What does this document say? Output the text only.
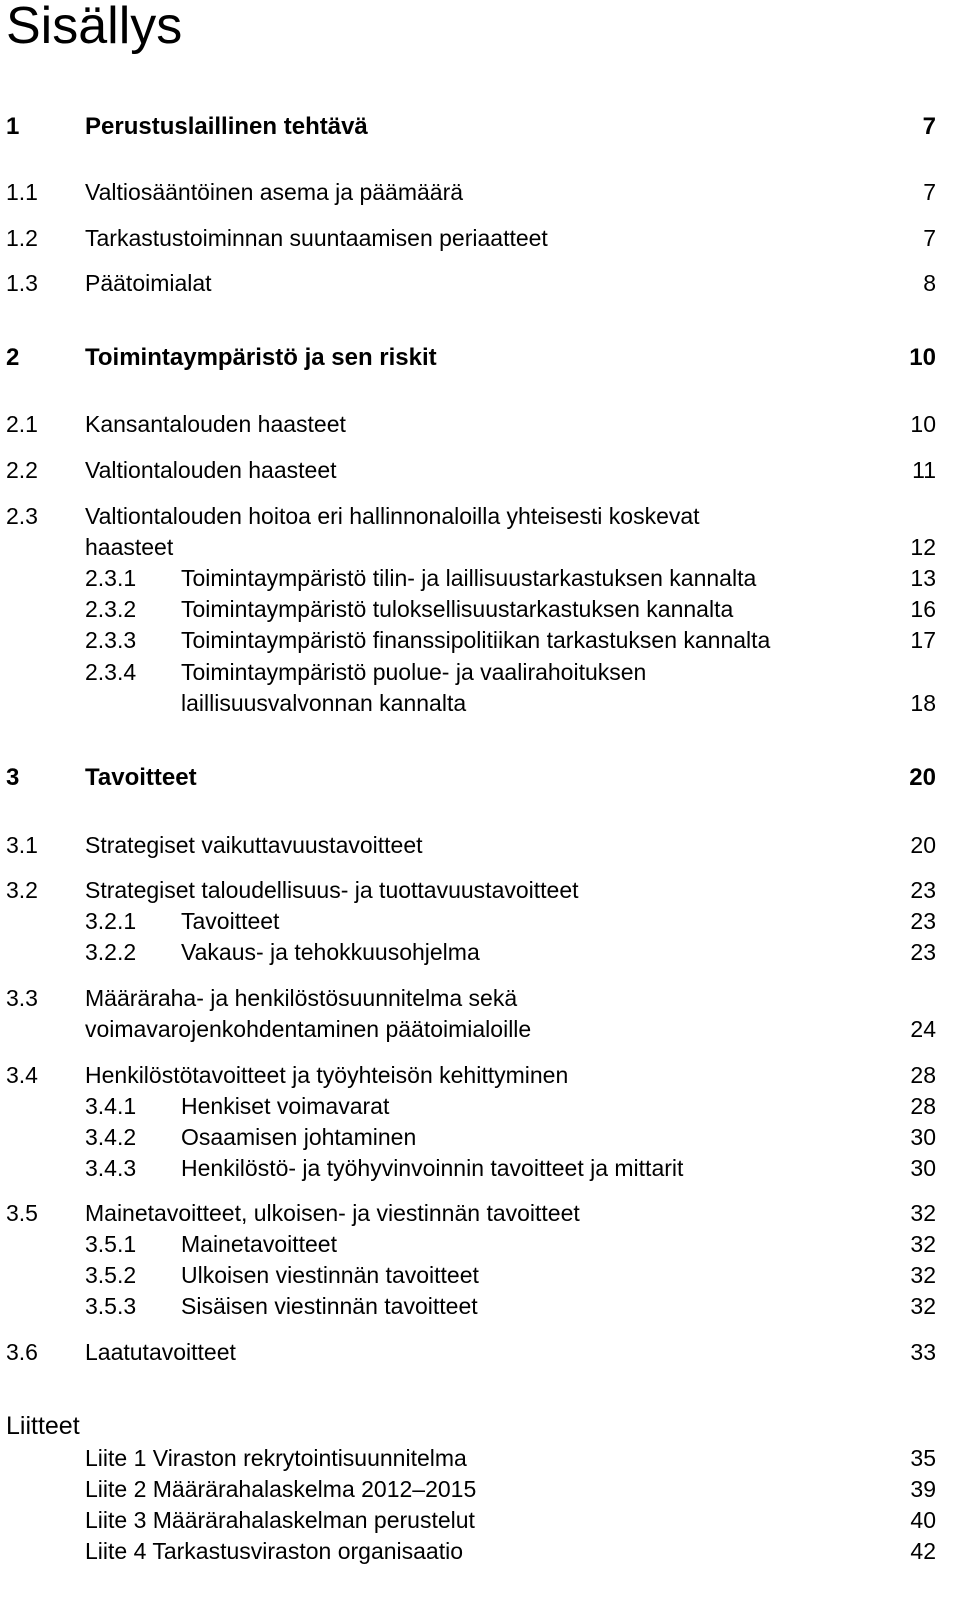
Sisällys
1	Perustuslaillinen tehtävä	7
1.1 Valtiosääntöinen asema ja päämäärä	7
1.2 Tarkastustoiminnan suuntaamisen periaatteet	7
1.3 Päätoimialat	8
2	Toimintaympäristö ja sen riskit	10
2.1 Kansantalouden haasteet	10
2.2 Valtiontalouden haasteet	11
2.3 Valtiontalouden hoitoa eri hallinnonaloilla yhteisesti koskevat
haasteet	12
2.3.1 Toimintaympäristö tilin- ja laillisuustarkastuksen kannalta	13
2.3.2 Toimintaympäristö tuloksellisuustarkastuksen kannalta	16
2.3.3 Toimintaympäristö finanssipolitiikan tarkastuksen kannalta	17
2.3.4 Toimintaympäristö puolue- ja vaalirahoituksen
laillisuusvalvonnan kannalta	18
3	Tavoitteet	20
3.1 Strategiset vaikuttavuustavoitteet	20
3.2 Strategiset taloudellisuus- ja tuottavuustavoitteet	23
3.2.1 Tavoitteet	23
3.2.2 Vakaus- ja tehokkuusohjelma	23
3.3 Määräraha- ja henkilöstösuunnitelma sekä
voimavarojenkohdentaminen päätoimialoille	24
3.4 Henkilöstötavoitteet ja työyhteisön kehittyminen	28
3.4.1 Henkiset voimavarat	28
3.4.2 Osaamisen johtaminen	30
3.4.3 Henkilöstö- ja työhyvinvoinnin tavoitteet ja mittarit	30
3.5 Mainetavoitteet, ulkoisen- ja viestinnän tavoitteet	32
3.5.1 Mainetavoitteet	32
3.5.2 Ulkoisen viestinnän tavoitteet	32
3.5.3 Sisäisen viestinnän tavoitteet	32
3.6 Laatutavoitteet	33
Liitteet
Liite 1 Viraston rekrytointisuunnitelma	35
Liite 2 Määrärahalaskelma 2012–2015	39
Liite 3 Määrärahalaskelman perustelut	40
Liite 4 Tarkastusviraston organisaatio	42
